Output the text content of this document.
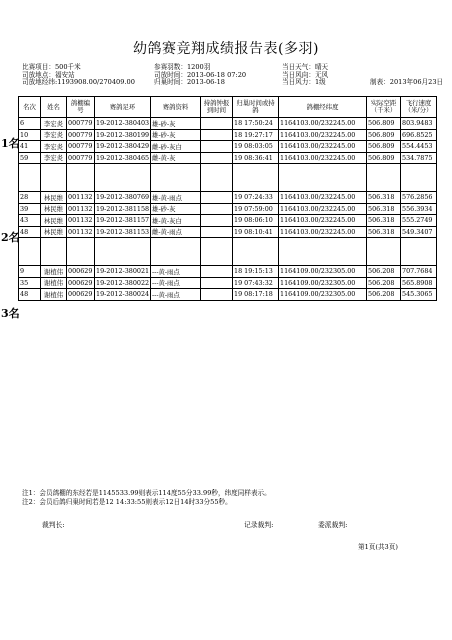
幼鸽赛竞翔成绩报告表(多羽)
比赛项目：500千米
司放地点：福安站
司放地经纬:1193908.00/270409.00
参赛羽数：1200羽
司放时间：2013-06-18 07:20
归巢时间：2013-06-18
当日天气：晴天
当日风向：无风
当日风力：1级	制表：2013年06月23日
名次	姓名	鸽棚编号	赛鸽足环	赛鸽资料	持鸽钟报到时间	归巢时间或持鸽	鸽棚经纬度	实际空距（千米）	飞行速度（米/分）
6	李宏炎	000779	19-2012-380403	雄-砂-灰		18 17:50:24	1164103.00/232245.00	506.809	803.9483
10	李宏炎	000779	19-2012-380199	雄-砂-灰		18 19:27:17	1164103.00/232245.00	506.809	696.8525
41	李宏炎	000779	19-2012-380429	雌-砂-灰白		19 08:03:05	1164103.00/232245.00	506.809	554.4453
59	李宏炎	000779	19-2012-380465	雌-黄-灰		19 08:36:41	1164103.00/232245.00	506.809	534.7875

28	林民维	001132	19-2012-380769	雄-黄-雨点		19 07:24:33	1164103.00/232245.00	506.318	576.2856
39	林民维	001132	19-2012-381158	雄-砂-灰		19 07:59:00	1164103.00/232245.00	506.318	556.3934
43	林民维	001132	19-2012-381157	雄-黄-灰白		19 08:06:10	1164103.00/232245.00	506.318	555.2749
48	林民维	001132	19-2012-381153	雌-黄-雨点		19 08:10:41	1164103.00/232245.00	506.318	549.3407

9	谢植伟	000629	19-2012-380021	---黄-雨点		18 19:15:13	1164109.00/232305.00	506.208	707.7684
35	谢植伟	000629	19-2012-380022	---黄-雨点		19 07:43:32	1164109.00/232305.00	506.208	565.8908
48	谢植伟	000629	19-2012-380024	---黄-雨点		19 08:17:18	1164109.00/232305.00	506.208	545.3065
1名
2名
3名
注1：会员鸽棚的东经若是1145533.99则表示114度55分33.99秒，纬度同样表示。
注2：会员后鸽归巢时间若是12 14:33:55则表示12日14时33分55秒。
裁判长:	记录裁判:	委派裁判:
第1页(共3页)
